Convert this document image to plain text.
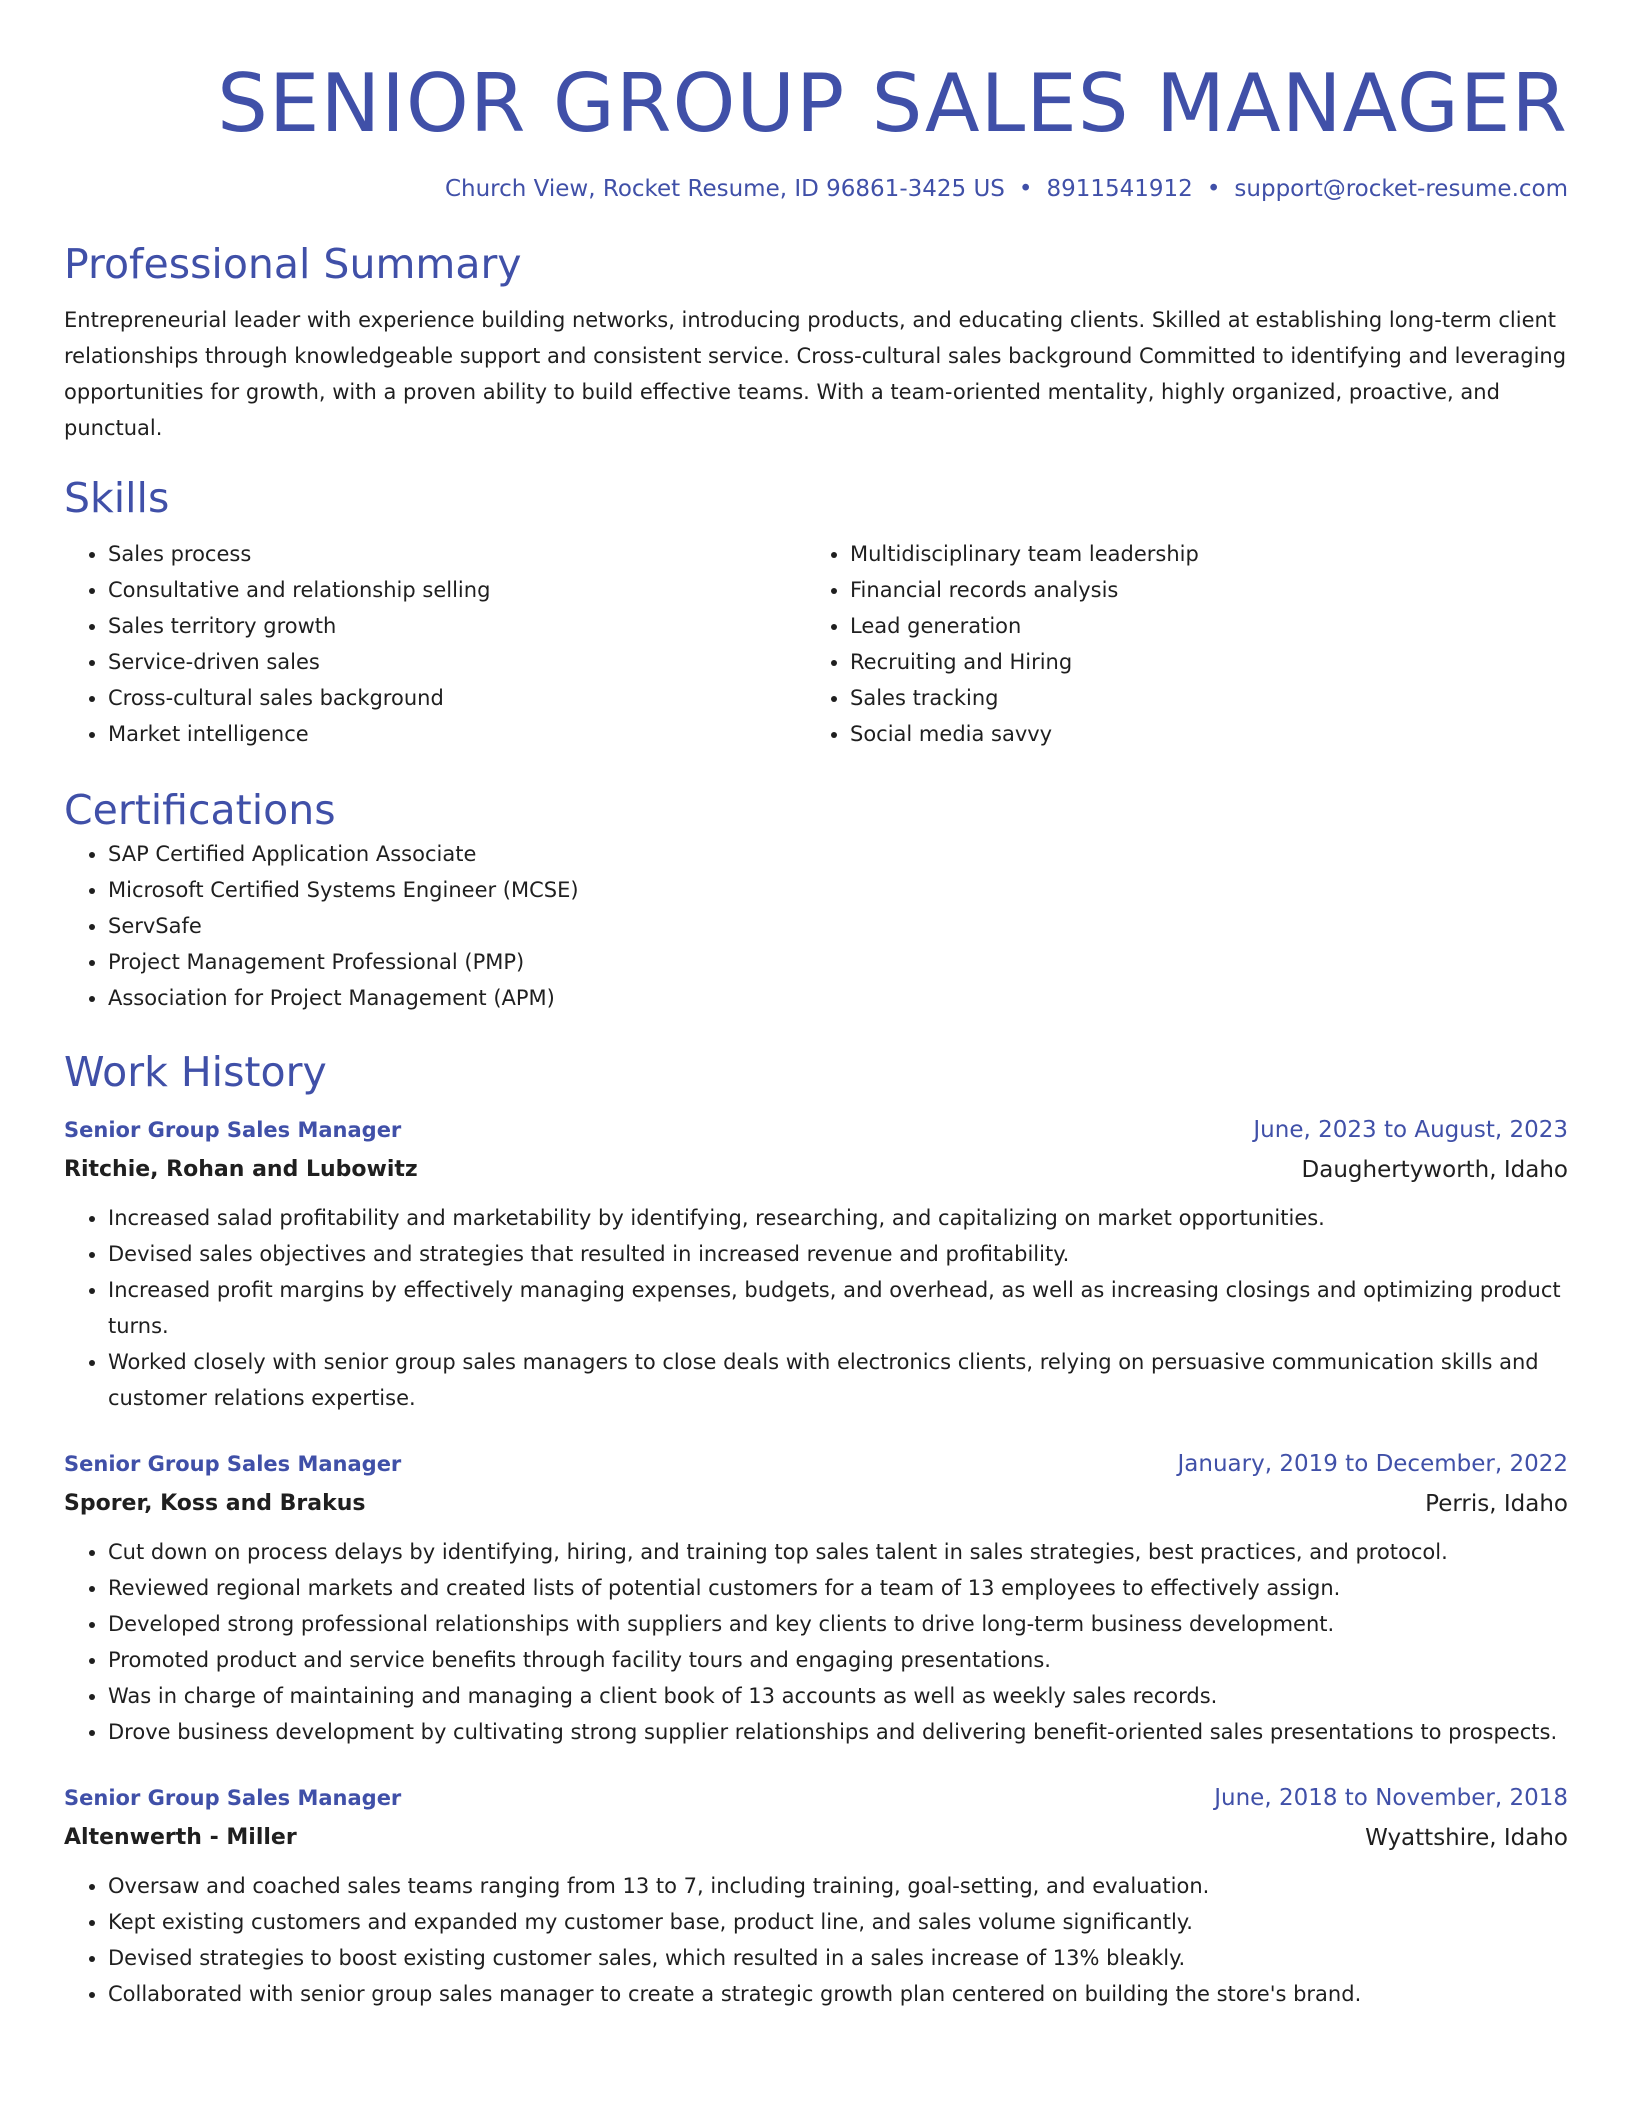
SENIOR GROUP SALES MANAGER
Church View, Rocket Resume, ID 96861-3425 US • 8911541912 • support@rocket-resume.com
Professional Summary
Entrepreneurial leader with experience building networks, introducing products, and educating clients. Skilled at establishing long-term client relationships through knowledgeable support and consistent service. Cross-cultural sales background Committed to identifying and leveraging opportunities for growth, with a proven ability to build effective teams. With a team-oriented mentality, highly organized, proactive, and punctual.
Skills
• Sales process
• Consultative and relationship selling
• Sales territory growth
• Service-driven sales
• Cross-cultural sales background
• Market intelligence
• Multidisciplinary team leadership
• Financial records analysis
• Lead generation
• Recruiting and Hiring
• Sales tracking
• Social media savvy
Certifications
• SAP Certified Application Associate
• Microsoft Certified Systems Engineer (MCSE)
• ServSafe
• Project Management Professional (PMP)
• Association for Project Management (APM)
Work History
Senior Group Sales Manager	June, 2023 to August, 2023
Ritchie, Rohan and Lubowitz	Daughertyworth, Idaho
• Increased salad profitability and marketability by identifying, researching, and capitalizing on market opportunities.
• Devised sales objectives and strategies that resulted in increased revenue and profitability.
• Increased profit margins by effectively managing expenses, budgets, and overhead, as well as increasing closings and optimizing product turns.
• Worked closely with senior group sales managers to close deals with electronics clients, relying on persuasive communication skills and customer relations expertise.
Senior Group Sales Manager	January, 2019 to December, 2022
Sporer, Koss and Brakus	Perris, Idaho
• Cut down on process delays by identifying, hiring, and training top sales talent in sales strategies, best practices, and protocol.
• Reviewed regional markets and created lists of potential customers for a team of 13 employees to effectively assign.
• Developed strong professional relationships with suppliers and key clients to drive long-term business development.
• Promoted product and service benefits through facility tours and engaging presentations.
• Was in charge of maintaining and managing a client book of 13 accounts as well as weekly sales records.
• Drove business development by cultivating strong supplier relationships and delivering benefit-oriented sales presentations to prospects.
Senior Group Sales Manager	June, 2018 to November, 2018
Altenwerth - Miller	Wyattshire, Idaho
• Oversaw and coached sales teams ranging from 13 to 7, including training, goal-setting, and evaluation.
• Kept existing customers and expanded my customer base, product line, and sales volume significantly.
• Devised strategies to boost existing customer sales, which resulted in a sales increase of 13% bleakly.
• Collaborated with senior group sales manager to create a strategic growth plan centered on building the store's brand.
